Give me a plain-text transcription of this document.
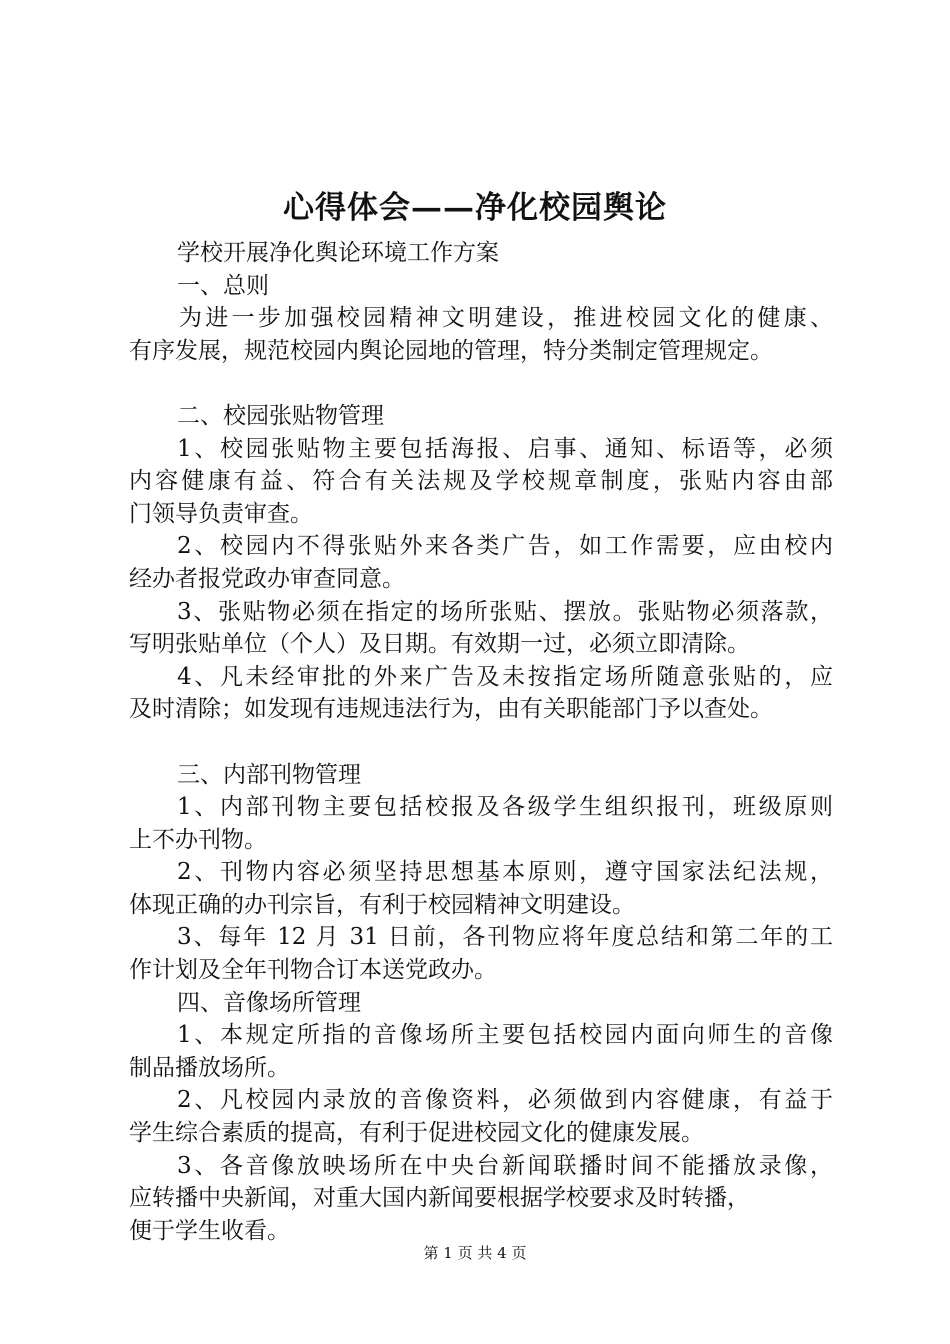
心得体会——净化校园舆论
学校开展净化舆论环境工作方案
一、总则
为进一步加强校园精神文明建设，推进校园文化的健康、
有序发展，规范校园内舆论园地的管理，特分类制定管理规定。
二、校园张贴物管理
1、校园张贴物主要包括海报、启事、通知、标语等，必须
内容健康有益、符合有关法规及学校规章制度，张贴内容由部
门领导负责审查。
2、校园内不得张贴外来各类广告，如工作需要，应由校内
经办者报党政办审查同意。
3、张贴物必须在指定的场所张贴、摆放。张贴物必须落款，
写明张贴单位（个人）及日期。有效期一过，必须立即清除。
4、凡未经审批的外来广告及未按指定场所随意张贴的，应
及时清除；如发现有违规违法行为，由有关职能部门予以查处。
三、内部刊物管理
1、内部刊物主要包括校报及各级学生组织报刊，班级原则
上不办刊物。
2、刊物内容必须坚持思想基本原则，遵守国家法纪法规，
体现正确的办刊宗旨，有利于校园精神文明建设。
3、每年 12 月 31 日前，各刊物应将年度总结和第二年的工
作计划及全年刊物合订本送党政办。
四、音像场所管理
1、本规定所指的音像场所主要包括校园内面向师生的音像
制品播放场所。
2、凡校园内录放的音像资料，必须做到内容健康，有益于
学生综合素质的提高，有利于促进校园文化的健康发展。
3、各音像放映场所在中央台新闻联播时间不能播放录像，
应转播中央新闻，对重大国内新闻要根据学校要求及时转播，
便于学生收看。
第 1 页 共 4 页
